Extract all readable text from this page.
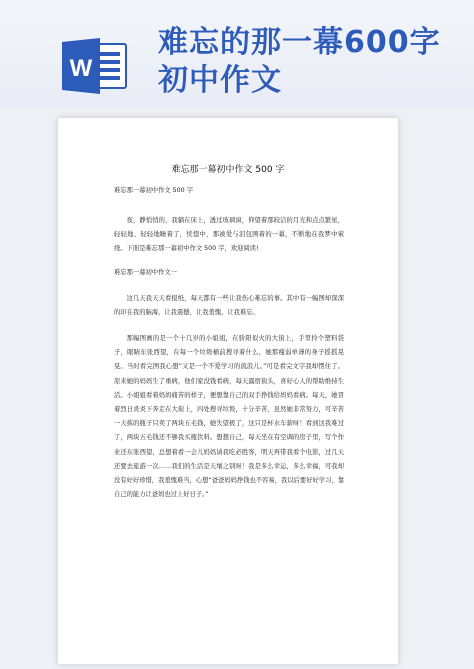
W
难忘的那一幕600字初中作文

难忘那一幕初中作文 500 字

难忘那一幕初中作文 500 字

夜，静悄悄的，我躺在床上，透过玻璃窗，仰望着那皎洁的月光和点点繁星，轻轻地、轻轻地睡着了，恍惚中，那被爱与泪包围着的一幕，不断地在我梦中萦绕。下面是难忘那一幕初中作文 500 字，欢迎阅读!

难忘那一幕初中作文一

这几天我天天看报纸，每天都有一些让我伤心难忘的事。其中有一幅图却深深的印在我的脑海，让我震撼，让我羞愧，让我难忘。

那幅图画的是一个十几岁的小姐姐，在骄阳似火的大街上，手里拎个塑料袋子，眼睛东张西望，在每一个垃圾桶前搜寻着什么，她那瘦弱单薄的身子摇摇晃晃。当时看完图我心想“又是一个不爱学习的流浪儿。”可是看完文字我却愣住了。原来她的妈妈生了重病，他们家没钱看病，每天露宿街头，喜好心人的帮助维持生活。小姐姐看着妈妈痛苦的样子，便想靠自己的双手挣钱给妈妈看病。每天，她冒着烈日炎炎下奔走在大街上，四处搜寻垃圾，十分辛苦，虽然她非常努力，可辛苦一天拣的瓶子只卖了两块五毛钱，她失望极了，这只是杯水车薪呀！看到这我难过了，两块五毛钱还不够我买瓶饮料。想想自己，每天坐在有空调的房子里，写个作业还东张西望，总想着看一会儿妈妈请我吃必胜客，明天再带我看个电影，过几天还要去旅游一次……我们的生活是天壤之别呀！我是多么幸运，多么幸福，可我却没有好好珍惜，我羞愧难当，心想“爸爸妈妈挣钱也不容易，我以后要好好学习，靠自己的能力让爸妈也过上好日子。”
